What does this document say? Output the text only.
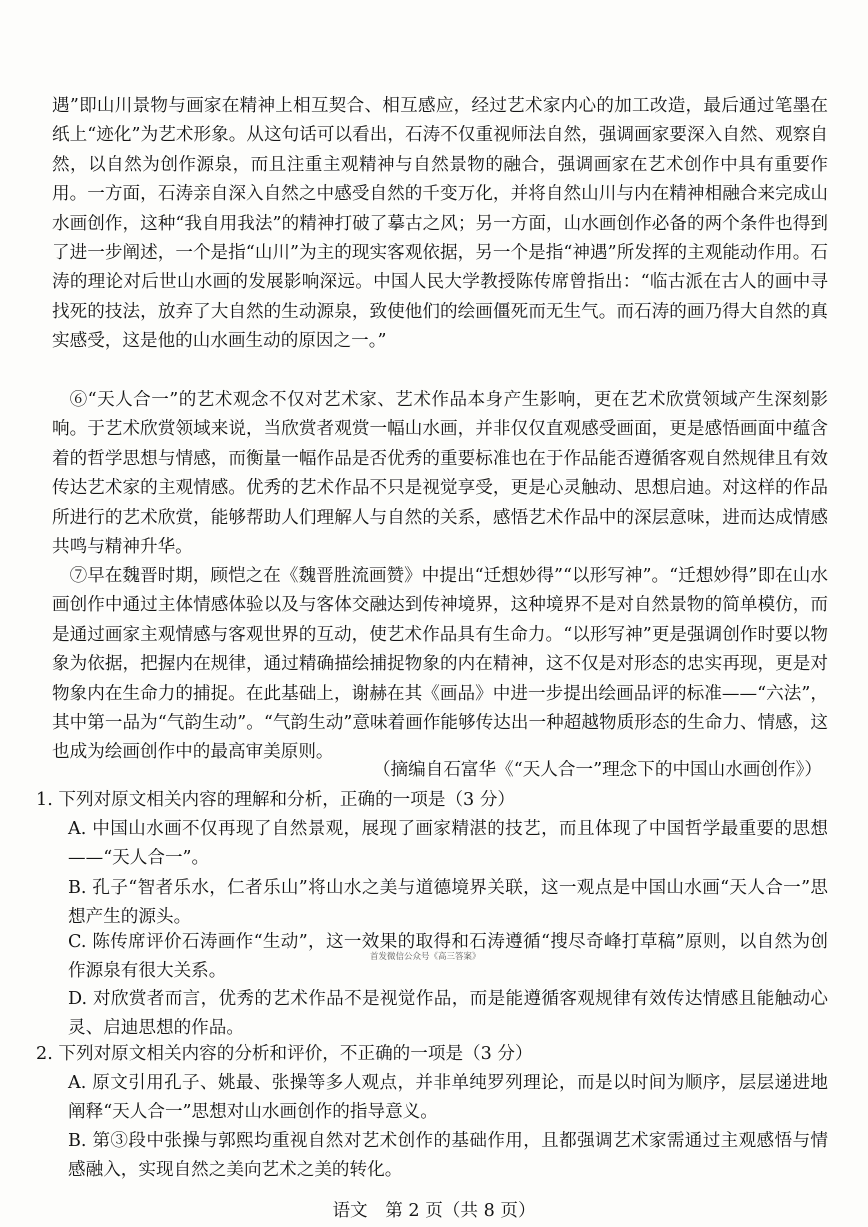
遇”即山川景物与画家在精神上相互契合、相互感应，经过艺术家内心的加工改造，最后通过笔墨在纸上“迹化”为艺术形象。从这句话可以看出，石涛不仅重视师法自然，强调画家要深入自然、观察自然，以自然为创作源泉，而且注重主观精神与自然景物的融合，强调画家在艺术创作中具有重要作用。一方面，石涛亲自深入自然之中感受自然的千变万化，并将自然山川与内在精神相融合来完成山水画创作，这种“我自用我法”的精神打破了摹古之风；另一方面，山水画创作必备的两个条件也得到了进一步阐述，一个是指“山川”为主的现实客观依据，另一个是指“神遇”所发挥的主观能动作用。石涛的理论对后世山水画的发展影响深远。中国人民大学教授陈传席曾指出：“临古派在古人的画中寻找死的技法，放弃了大自然的生动源泉，致使他们的绘画僵死而无生气。而石涛的画乃得大自然的真实感受，这是他的山水画生动的原因之一。”

⑥“天人合一”的艺术观念不仅对艺术家、艺术作品本身产生影响，更在艺术欣赏领域产生深刻影响。于艺术欣赏领域来说，当欣赏者观赏一幅山水画，并非仅仅直观感受画面，更是感悟画面中蕴含着的哲学思想与情感，而衡量一幅作品是否优秀的重要标准也在于作品能否遵循客观自然规律且有效传达艺术家的主观情感。优秀的艺术作品不只是视觉享受，更是心灵触动、思想启迪。对这样的作品所进行的艺术欣赏，能够帮助人们理解人与自然的关系，感悟艺术作品中的深层意味，进而达成情感共鸣与精神升华。

⑦早在魏晋时期，顾恺之在《魏晋胜流画赞》中提出“迁想妙得”“以形写神”。“迁想妙得”即在山水画创作中通过主体情感体验以及与客体交融达到传神境界，这种境界不是对自然景物的简单模仿，而是通过画家主观情感与客观世界的互动，使艺术作品具有生命力。“以形写神”更是强调创作时要以物象为依据，把握内在规律，通过精确描绘捕捉物象的内在精神，这不仅是对形态的忠实再现，更是对物象内在生命力的捕捉。在此基础上，谢赫在其《画品》中进一步提出绘画品评的标准——“六法”，其中第一品为“气韵生动”。“气韵生动”意味着画作能够传达出一种超越物质形态的生命力、情感，这也成为绘画创作中的最高审美原则。

（摘编自石富华《“天人合一”理念下的中国山水画创作》）

1. 下列对原文相关内容的理解和分析，正确的一项是（3 分）

A. 中国山水画不仅再现了自然景观，展现了画家精湛的技艺，而且体现了中国哲学最重要的思想——“天人合一”。

B. 孔子“智者乐水，仁者乐山”将山水之美与道德境界关联，这一观点是中国山水画“天人合一”思想产生的源头。

C. 陈传席评价石涛画作“生动”，这一效果的取得和石涛遵循“搜尽奇峰打草稿”原则，以自然为创作源泉有很大关系。

首发微信公众号《高三答案》

D. 对欣赏者而言，优秀的艺术作品不是视觉作品，而是能遵循客观规律有效传达情感且能触动心灵、启迪思想的作品。

2. 下列对原文相关内容的分析和评价，不正确的一项是（3 分）

A. 原文引用孔子、姚最、张操等多人观点，并非单纯罗列理论，而是以时间为顺序，层层递进地阐释“天人合一”思想对山水画创作的指导意义。

B. 第③段中张操与郭熙均重视自然对艺术创作的基础作用，且都强调艺术家需通过主观感悟与情感融入，实现自然之美向艺术之美的转化。

语文　第 2 页（共 8 页）
